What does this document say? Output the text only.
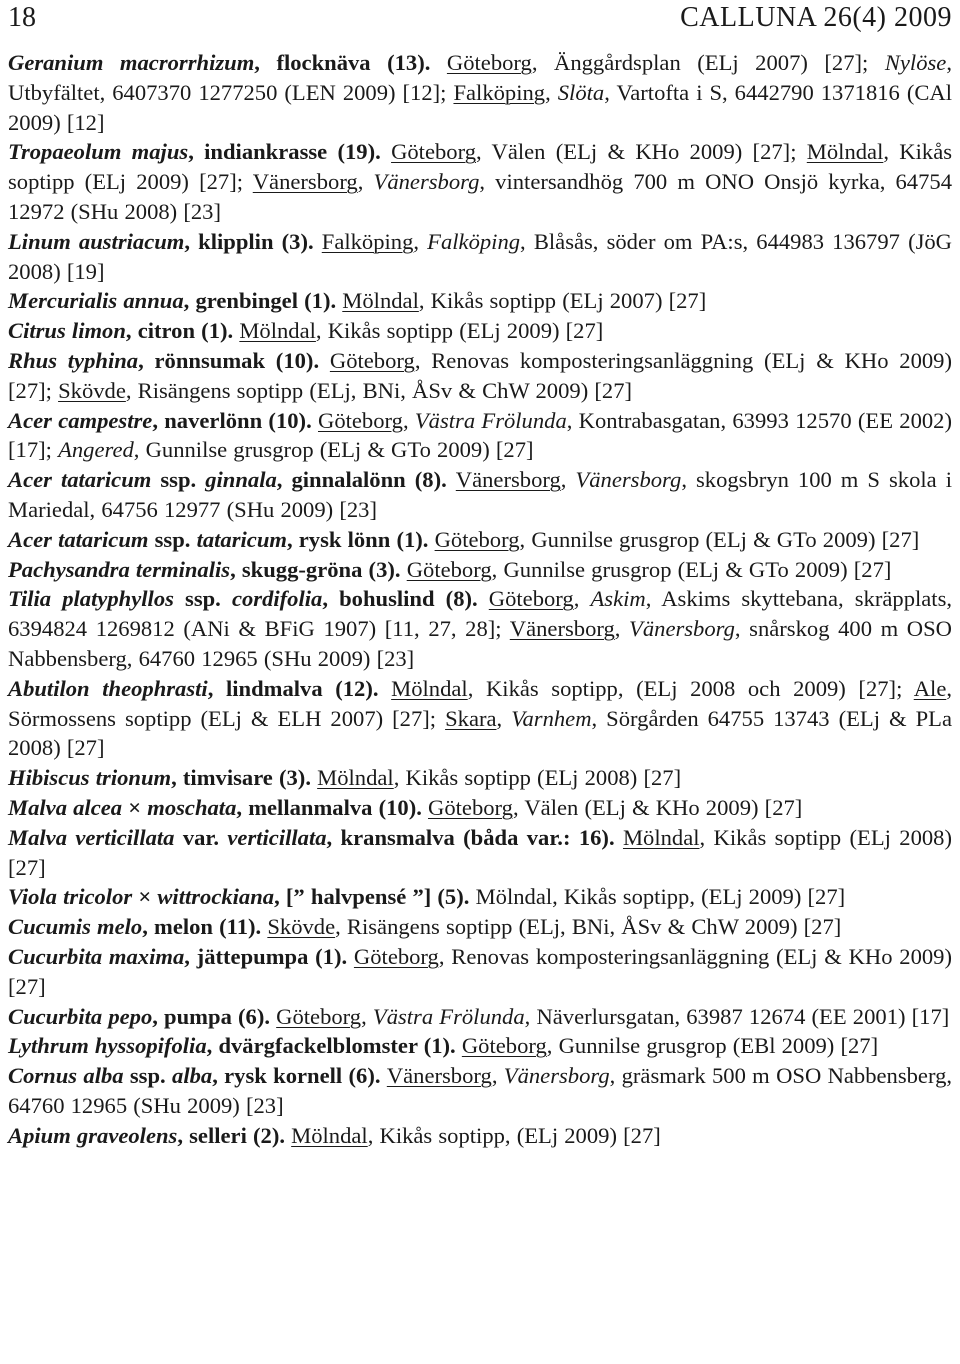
18	CALLUNA 26(4) 2009

Geranium macrorrhizum, flocknäva (13). Göteborg, Änggårdsplan (ELj 2007) [27]; Nylöse, Utbyfältet, 6407370 1277250 (LEN 2009) [12]; Falköping, Slöta, Vartofta i S, 6442790 1371816 (CAl 2009) [12]

Tropaeolum majus, indiankrasse (19). Göteborg, Välen (ELj & KHo 2009) [27]; Mölndal, Kikås soptipp (ELj 2009) [27]; Vänersborg, Vänersborg, vintersandhög 700 m ONO Onsjö kyrka, 64754 12972 (SHu 2008) [23]

Linum austriacum, klipplin (3). Falköping, Falköping, Blåsås, söder om PA:s, 644983 136797 (JöG 2008) [19]

Mercurialis annua, grenbingel (1). Mölndal, Kikås soptipp (ELj 2007) [27]

Citrus limon, citron (1). Mölndal, Kikås soptipp (ELj 2009) [27]

Rhus typhina, rönnsumak (10). Göteborg, Renovas komposteringsanläggning (ELj & KHo 2009) [27]; Skövde, Risängens soptipp (ELj, BNi, ÅSv & ChW 2009) [27]

Acer campestre, naverlönn (10). Göteborg, Västra Frölunda, Kontrabasgatan, 63993 12570 (EE 2002) [17]; Angered, Gunnilse grusgrop (ELj & GTo 2009) [27]

Acer tataricum ssp. ginnala, ginnalalönn (8). Vänersborg, Vänersborg, skogsbryn 100 m S skola i Mariedal, 64756 12977 (SHu 2009) [23]

Acer tataricum ssp. tataricum, rysk lönn (1). Göteborg, Gunnilse grusgrop (ELj & GTo 2009) [27]

Pachysandra terminalis, skugg-gröna (3). Göteborg, Gunnilse grusgrop (ELj & GTo 2009) [27]

Tilia platyphyllos ssp. cordifolia, bohuslind (8). Göteborg, Askim, Askims skyttebana, skräpplats, 6394824 1269812 (ANi & BFiG 1907) [11, 27, 28]; Vänersborg, Vänersborg, snårskog 400 m OSO Nabbensberg, 64760 12965 (SHu 2009) [23]

Abutilon theophrasti, lindmalva (12). Mölndal, Kikås soptipp, (ELj 2008 och 2009) [27]; Ale, Sörmossens soptipp (ELj & ELH 2007) [27]; Skara, Varnhem, Sörgården 64755 13743 (ELj & PLa 2008) [27]

Hibiscus trionum, timvisare (3). Mölndal, Kikås soptipp (ELj 2008) [27]

Malva alcea × moschata, mellanmalva (10). Göteborg, Välen (ELj & KHo 2009) [27]

Malva verticillata var. verticillata, kransmalva (båda var.: 16). Mölndal, Kikås soptipp (ELj 2008) [27]

Viola tricolor × wittrockiana, [” halvpensé ”] (5). Mölndal, Kikås soptipp, (ELj 2009) [27]

Cucumis melo, melon (11). Skövde, Risängens soptipp (ELj, BNi, ÅSv & ChW 2009) [27]

Cucurbita maxima, jättepumpa (1). Göteborg, Renovas komposteringsanläggning (ELj & KHo 2009) [27]

Cucurbita pepo, pumpa (6). Göteborg, Västra Frölunda, Näverlursgatan, 63987 12674 (EE 2001) [17]

Lythrum hyssopifolia, dvärgfackelblomster (1). Göteborg, Gunnilse grusgrop (EBl 2009) [27]

Cornus alba ssp. alba, rysk kornell (6). Vänersborg, Vänersborg, gräsmark 500 m OSO Nabbensberg, 64760 12965 (SHu 2009) [23]

Apium graveolens, selleri (2). Mölndal, Kikås soptipp, (ELj 2009) [27]
